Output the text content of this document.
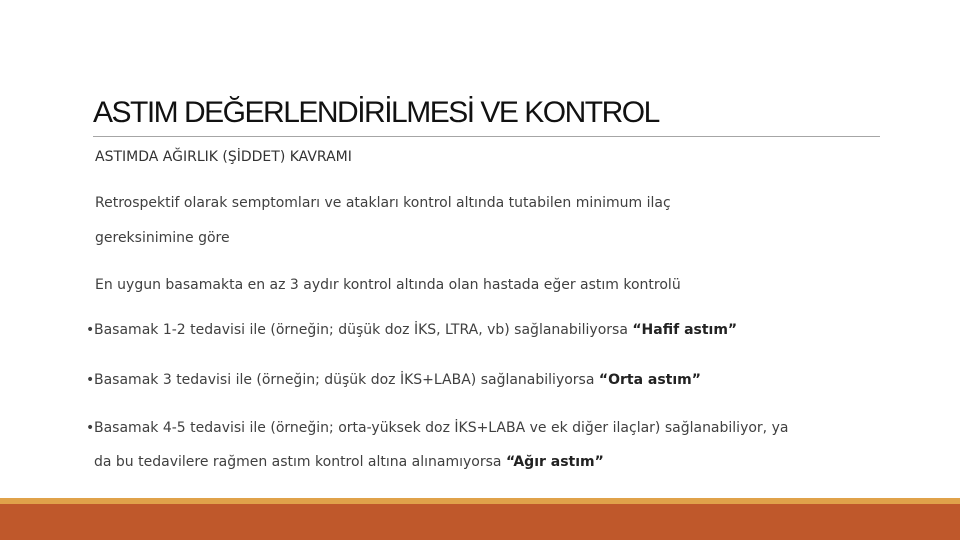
ASTIM DEĞERLENDİRİLMESİ VE KONTROL
ASTIMDA AĞIRLIK (ŞİDDET) KAVRAMI
Retrospektif olarak semptomları ve atakları kontrol altında tutabilen minimum ilaç
gereksinimine göre
En uygun basamakta en az 3 aydır kontrol altında olan hastada eğer astım kontrolü
•Basamak 1-2 tedavisi ile (örneğin; düşük doz İKS, LTRA, vb) sağlanabiliyorsa “Hafif astım”
•Basamak 3 tedavisi ile (örneğin; düşük doz İKS+LABA) sağlanabiliyorsa “Orta astım”
•Basamak 4-5 tedavisi ile (örneğin; orta-yüksek doz İKS+LABA ve ek diğer ilaçlar) sağlanabiliyor, ya
da bu tedavilere rağmen astım kontrol altına alınamıyorsa “Ağır astım”
